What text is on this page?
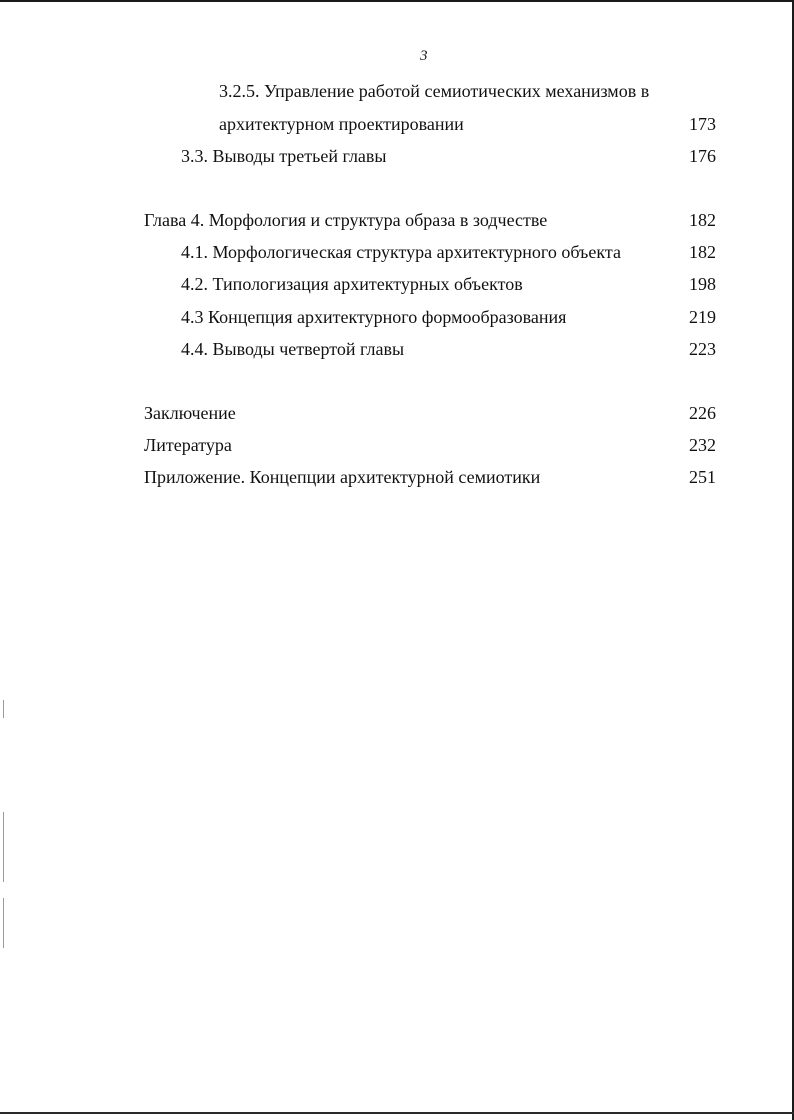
3
3.2.5. Управление работой семиотических механизмов в
архитектурном проектировании	173
3.3. Выводы третьей главы	176
Глава 4. Морфология и структура образа в зодчестве	182
4.1. Морфологическая структура архитектурного объекта	182
4.2. Типологизация архитектурных объектов	198
4.3 Концепция архитектурного формообразования	219
4.4. Выводы четвертой главы	223
Заключение	226
Литература	232
Приложение. Концепции архитектурной семиотики	251
